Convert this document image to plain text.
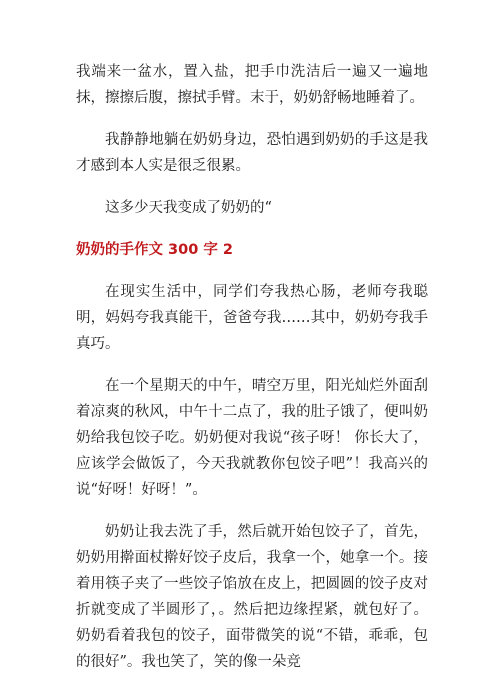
我端来一盆水，置入盐，把手巾洗洁后一遍又一遍地抹，擦擦后腹，擦拭手臂。末于，奶奶舒畅地睡着了。

我静静地躺在奶奶身边，恐怕遇到奶奶的手这是我才感到本人实是很乏很累。

这多少天我变成了奶奶的“

奶奶的手作文 300 字 2

在现实生活中，同学们夸我热心肠，老师夸我聪明，妈妈夸我真能干，爸爸夸我……其中，奶奶夸我手真巧。

在一个星期天的中午，晴空万里，阳光灿烂外面刮着凉爽的秋风，中午十二点了，我的肚子饿了，便叫奶奶给我包饺子吃。奶奶便对我说“孩子呀！ 你长大了，应该学会做饭了，今天我就教你包饺子吧”！我高兴的说“好呀！好呀！”。

奶奶让我去洗了手，然后就开始包饺子了，首先，奶奶用擀面杖擀好饺子皮后，我拿一个，她拿一个。接着用筷子夹了一些饺子馅放在皮上，把圆圆的饺子皮对折就变成了半圆形了，。然后把边缘捏紧，就包好了。奶奶看着我包的饺子，面带微笑的说“不错，乖乖，包的很好”。我也笑了，笑的像一朵竞
